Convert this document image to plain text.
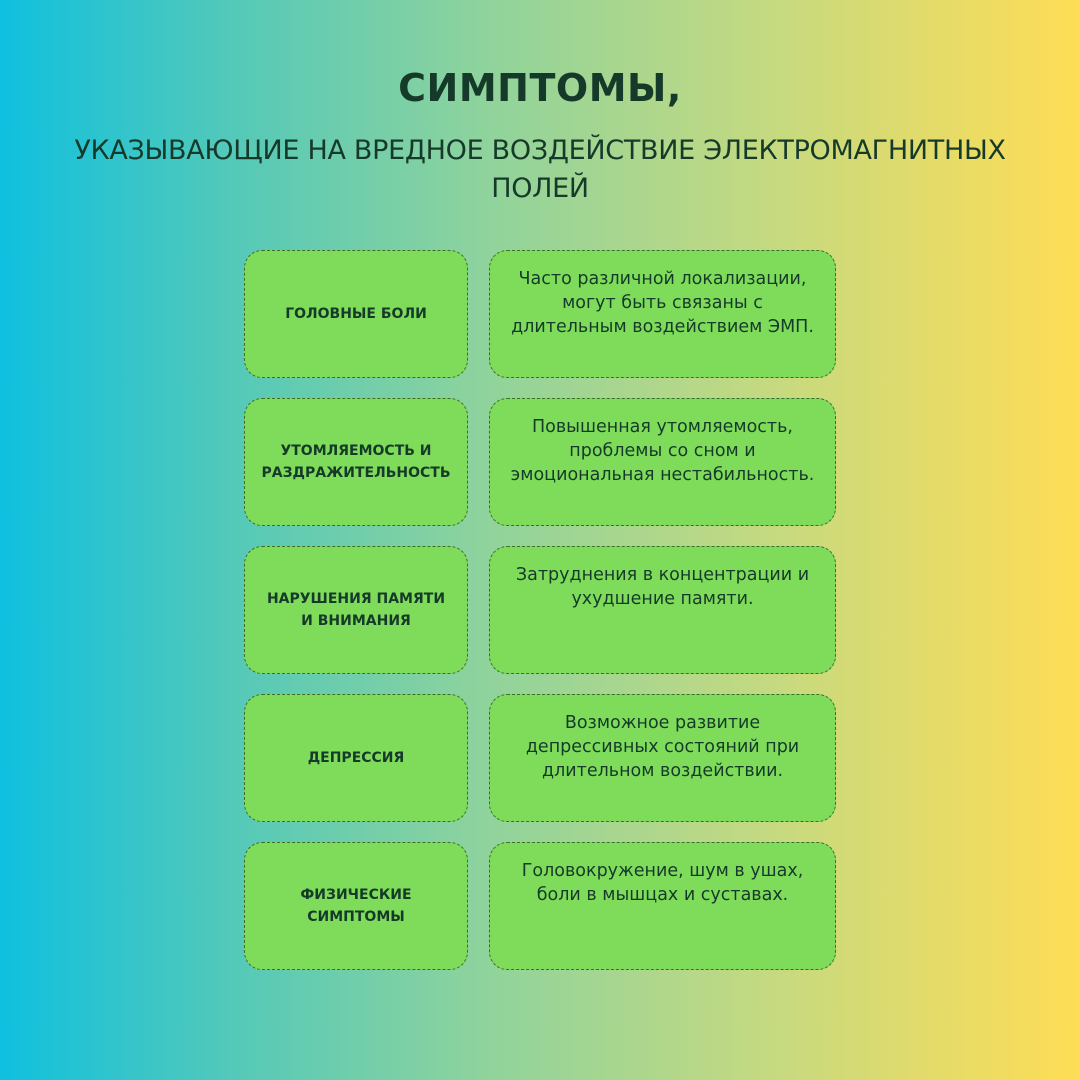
СИМПТОМЫ,
УКАЗЫВАЮЩИЕ НА ВРЕДНОЕ ВОЗДЕЙСТВИЕ ЭЛЕКТРОМАГНИТНЫХ ПОЛЕЙ
ГОЛОВНЫЕ БОЛИ
Часто различной локализации, могут быть связаны с длительным воздействием ЭМП.
УТОМЛЯЕМОСТЬ И РАЗДРАЖИТЕЛЬНОСТЬ
Повышенная утомляемость, проблемы со сном и эмоциональная нестабильность.
НАРУШЕНИЯ ПАМЯТИ И ВНИМАНИЯ
Затруднения в концентрации и ухудшение памяти.
ДЕПРЕССИЯ
Возможное развитие депрессивных состояний при длительном воздействии.
ФИЗИЧЕСКИЕ СИМПТОМЫ
Головокружение, шум в ушах, боли в мышцах и суставах.
